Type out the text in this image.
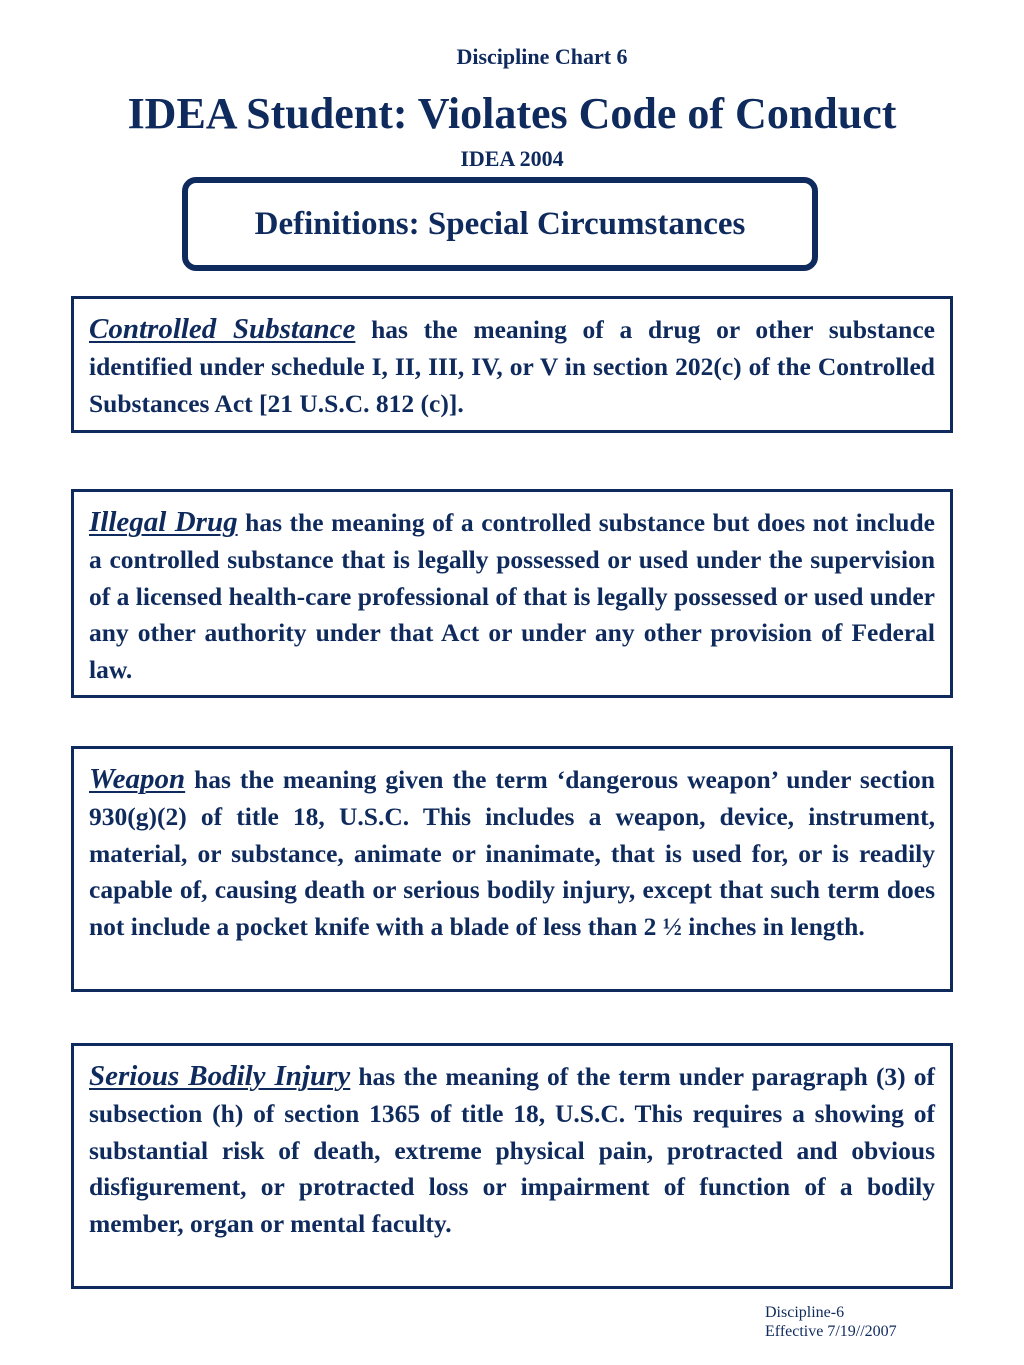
Discipline Chart 6
IDEA Student: Violates Code of Conduct
IDEA 2004
Definitions: Special Circumstances
Controlled Substance has the meaning of a drug or other substance identified under schedule I, II, III, IV, or V in section 202(c) of the Controlled Substances Act [21 U.S.C. 812 (c)].
Illegal Drug has the meaning of a controlled substance but does not include a controlled substance that is legally possessed or used under the supervision of a licensed health-care professional of that is legally possessed or used under any other authority under that Act or under any other provision of Federal law.
Weapon has the meaning given the term ‘dangerous weapon’ under section 930(g)(2) of title 18, U.S.C. This includes a weapon, device, instrument, material, or substance, animate or inanimate, that is used for, or is readily capable of, causing death or serious bodily injury, except that such term does not include a pocket knife with a blade of less than 2 ½ inches in length.
Serious Bodily Injury has the meaning of the term under paragraph (3) of subsection (h) of section 1365 of title 18, U.S.C. This requires a showing of substantial risk of death, extreme physical pain, protracted and obvious disfigurement, or protracted loss or impairment of function of a bodily member, organ or mental faculty.
Discipline-6
Effective 7/19//2007
